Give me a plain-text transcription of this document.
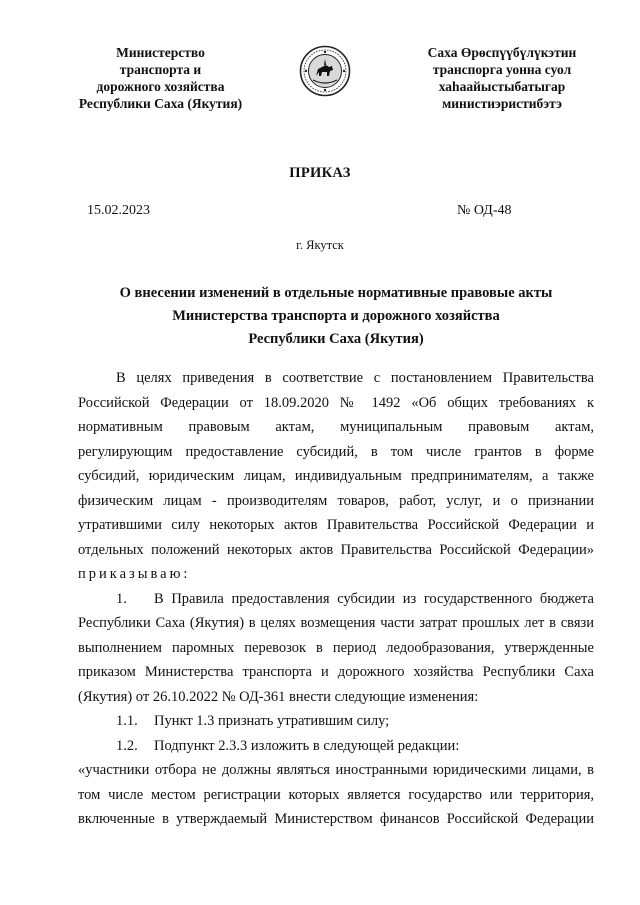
Министерство
транспорта и
дорожного хозяйства
Республики Саха (Якутия)
Саха Өрөспүүбүлүкэтин
транспорга уонна суол
хаһаайыстыбатыгар
министиэристибэтэ
ПРИКАЗ
15.02.2023	№ ОД-48
г. Якутск
О внесении изменений в отдельные нормативные правовые акты
Министерства транспорта и дорожного хозяйства
Республики Саха (Якутия)
В целях приведения в соответствие с постановлением Правительства
Российской Федерации от 18.09.2020 № 1492 «Об общих требованиях к
нормативным правовым актам, муниципальным правовым актам,
регулирующим предоставление субсидий, в том числе грантов в форме
субсидий, юридическим лицам, индивидуальным предпринимателям, а также
физическим лицам - производителям товаров, работ, услуг, и о признании
утратившими силу некоторых актов Правительства Российской Федерации и
отдельных положений некоторых актов Правительства Российской Федерации»
приказываю:
1. В Правила предоставления субсидии из государственного бюджета
Республики Саха (Якутия) в целях возмещения части затрат прошлых лет в связи
выполнением паромных перевозок в период ледообразования, утвержденные
приказом Министерства транспорта и дорожного хозяйства Республики Саха
(Якутия) от 26.10.2022 № ОД-361 внести следующие изменения:
1.1. Пункт 1.3 признать утратившим силу;
1.2. Подпункт 2.3.3 изложить в следующей редакции:
«участники отбора не должны являться иностранными юридическими лицами, в
том числе местом регистрации которых является государство или территория,
включенные в утверждаемый Министерством финансов Российской Федерации
